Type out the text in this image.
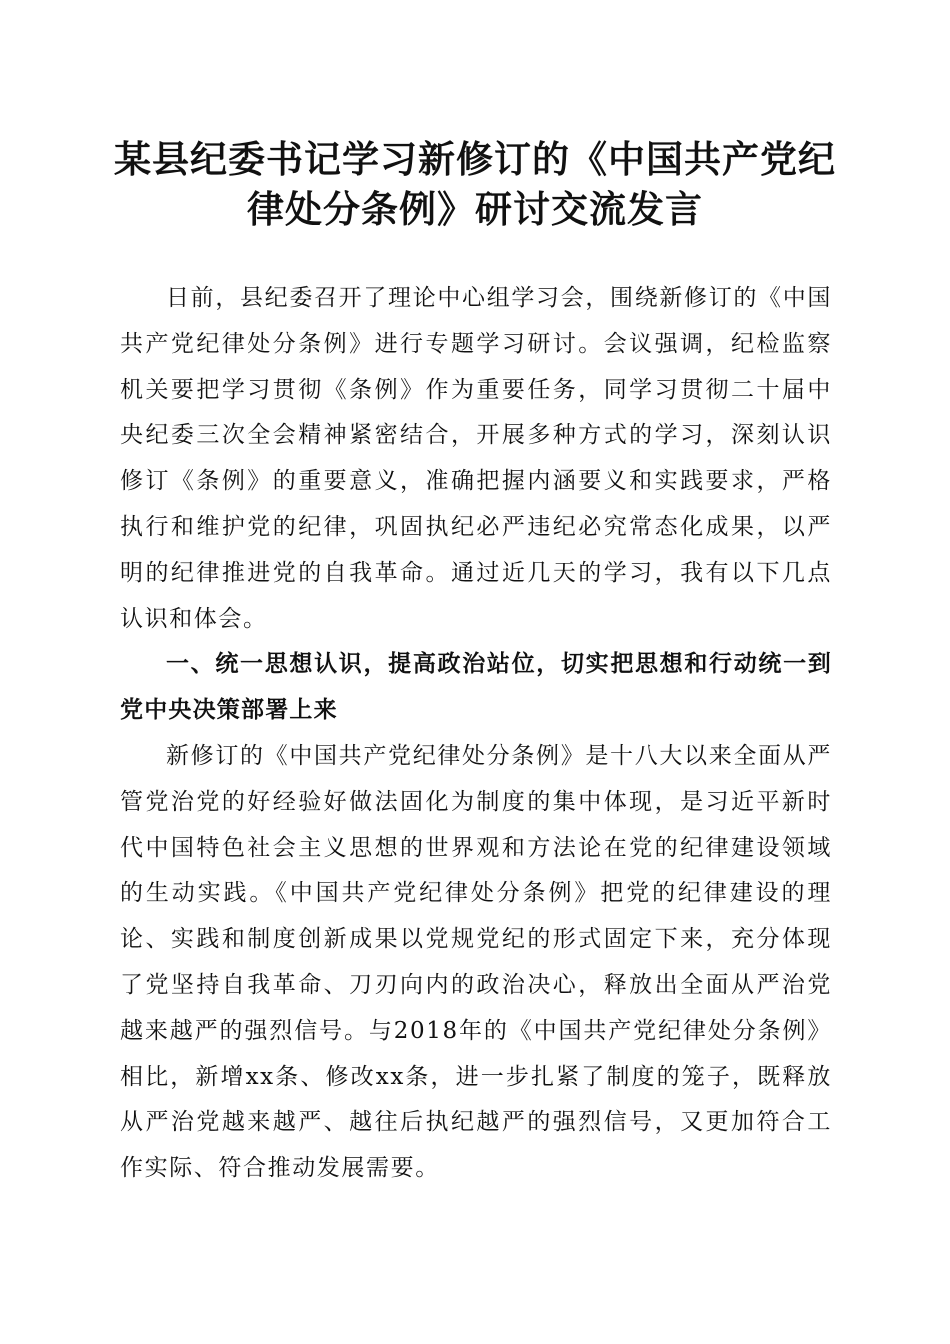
某县纪委书记学习新修订的《中国共产党纪律处分条例》研讨交流发言

日前，县纪委召开了理论中心组学习会，围绕新修订的《中国共产党纪律处分条例》进行专题学习研讨。会议强调，纪检监察机关要把学习贯彻《条例》作为重要任务，同学习贯彻二十届中央纪委三次全会精神紧密结合，开展多种方式的学习，深刻认识修订《条例》的重要意义，准确把握内涵要义和实践要求，严格执行和维护党的纪律，巩固执纪必严违纪必究常态化成果，以严明的纪律推进党的自我革命。通过近几天的学习，我有以下几点认识和体会。

一、统一思想认识，提高政治站位，切实把思想和行动统一到党中央决策部署上来

新修订的《中国共产党纪律处分条例》是十八大以来全面从严管党治党的好经验好做法固化为制度的集中体现，是习近平新时代中国特色社会主义思想的世界观和方法论在党的纪律建设领域的生动实践。《中国共产党纪律处分条例》把党的纪律建设的理论、实践和制度创新成果以党规党纪的形式固定下来，充分体现了党坚持自我革命、刀刃向内的政治决心，释放出全面从严治党越来越严的强烈信号。与2018年的《中国共产党纪律处分条例》相比，新增xx条、修改xx条，进一步扎紧了制度的笼子，既释放从严治党越来越严、越往后执纪越严的强烈信号，又更加符合工作实际、符合推动发展需要。
